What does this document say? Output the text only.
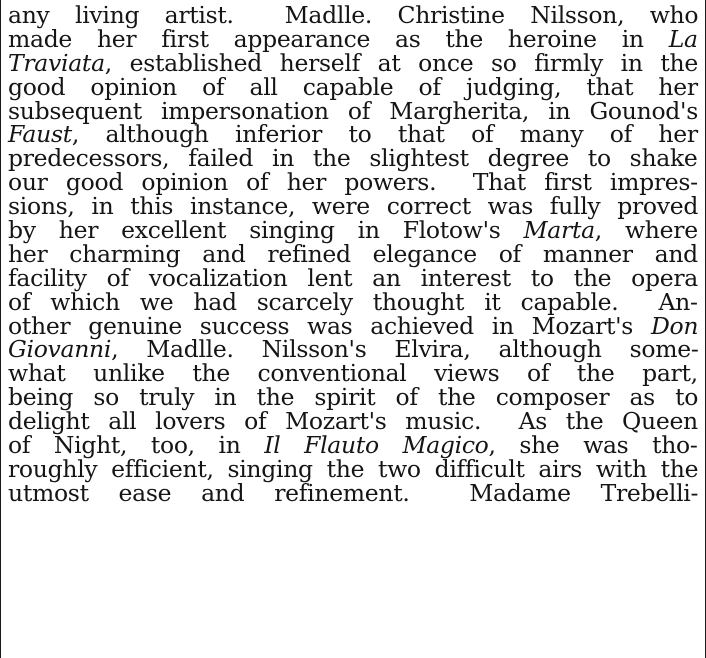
any living artist.  Madlle. Christine Nilsson, who
made her first appearance as the heroine in La
Traviata, established herself at once so firmly in the
good opinion of all capable of judging, that her
subsequent impersonation of Margherita, in Gounod's
Faust, although inferior to that of many of her
predecessors, failed in the slightest degree to shake
our good opinion of her powers.  That first impres-
sions, in this instance, were correct was fully proved
by her excellent singing in Flotow's Marta, where
her charming and refined elegance of manner and
facility of vocalization lent an interest to the opera
of which we had scarcely thought it capable.  An-
other genuine success was achieved in Mozart's Don
Giovanni, Madlle. Nilsson's Elvira, although some-
what unlike the conventional views of the part,
being so truly in the spirit of the composer as to
delight all lovers of Mozart's music.  As the Queen
of Night, too, in Il Flauto Magico, she was tho-
roughly efficient, singing the two difficult airs with the
utmost ease and refinement.  Madame Trebelli-
